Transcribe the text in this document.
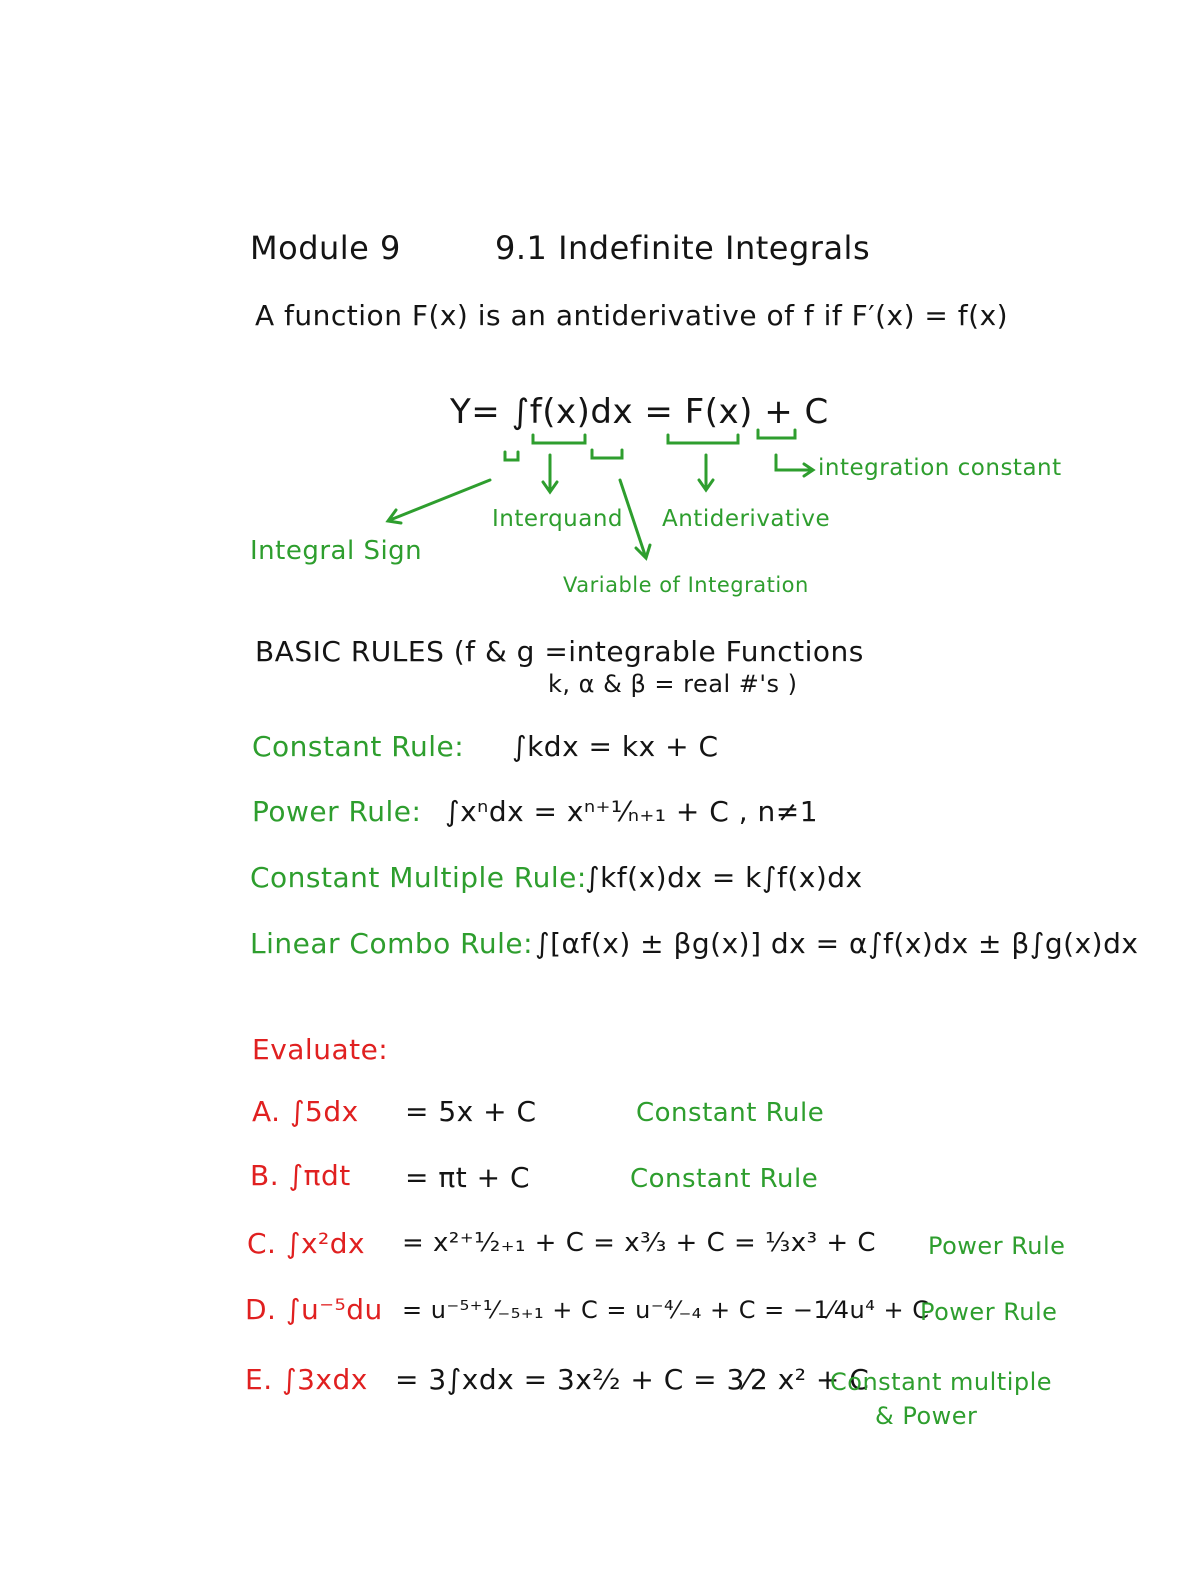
Module 9	9.1 Indefinite Integrals
A function F(x) is an antiderivative of f if F′(x) = f(x)
Y= ∫f(x)dx = F(x) + C
integration constant
Interquand Antiderivative
Integral Sign
Variable of Integration
BASIC RULES (f & g =integrable Functions
k, α & β = real #'s )
Constant Rule: ∫kdx = kx + C
Power Rule: ∫xⁿdx = xⁿ⁺¹⁄ₙ₊₁ + C , n≠1
Constant Multiple Rule:
∫kf(x)dx = k∫f(x)dx
Linear Combo Rule: ∫[αf(x) ± βg(x)] dx = α∫f(x)dx ± β∫g(x)dx
Evaluate:
A. ∫5dx = 5x + C	Constant Rule
B. ∫πdt = πt + C	Constant Rule
C. ∫x²dx = x²⁺¹⁄₂₊₁ + C = x³⁄₃ + C = ⅓x³ + C Power Rule
D. ∫u⁻⁵du = u⁻⁵⁺¹⁄₋₅₊₁ + C = u⁻⁴⁄₋₄ + C = −1⁄4u⁴ + C
Power Rule
E. ∫3xdx = 3∫xdx = 3x²⁄₂ + C = 3⁄2 x² + C
Constant multiple
& Power
